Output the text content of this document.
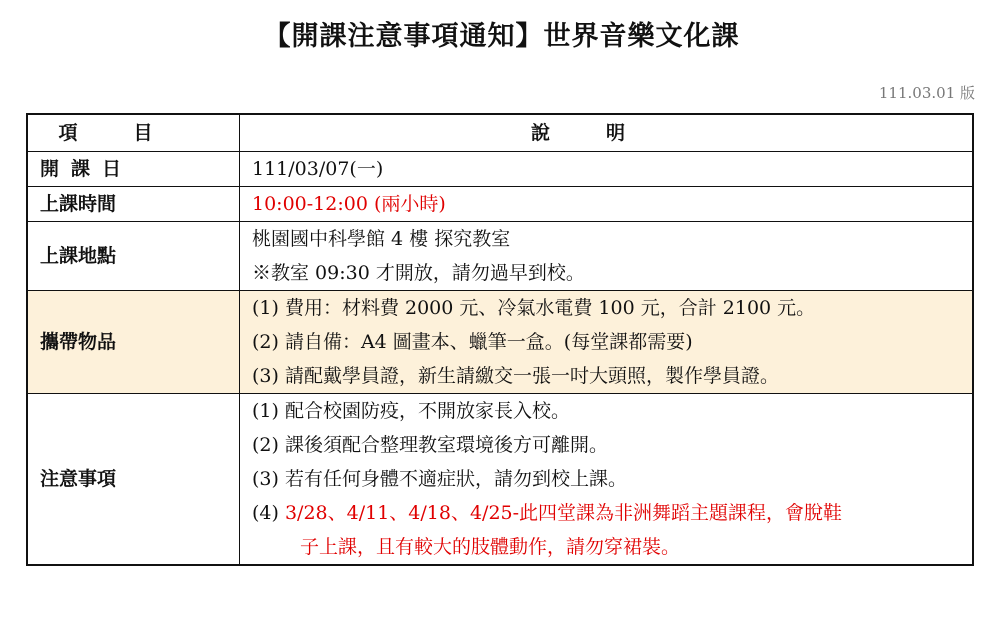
【開課注意事項通知】世界音樂文化課
111.03.01 版
項目	說明
開課日	111/03/07(一)
上課時間	10:00-12:00 (兩小時)
上課地點	桃園國中科學館 4 樓 探究教室
※教室 09:30 才開放，請勿過早到校。

攜帶物品	(1) 費用：材料費 2000 元、冷氣水電費 100 元，合計 2100 元。
(2) 請自備：A4 圖畫本、蠟筆一盒。(每堂課都需要)
(3) 請配戴學員證，新生請繳交一張一吋大頭照，製作學員證。

注意事項	(1) 配合校園防疫，不開放家長入校。
(2) 課後須配合整理教室環境後方可離開。
(3) 若有任何身體不適症狀，請勿到校上課。
(4) 3/28、4/11、4/18、4/25-此四堂課為非洲舞蹈主題課程，會脫鞋
子上課，且有較大的肢體動作，請勿穿裙裝。
